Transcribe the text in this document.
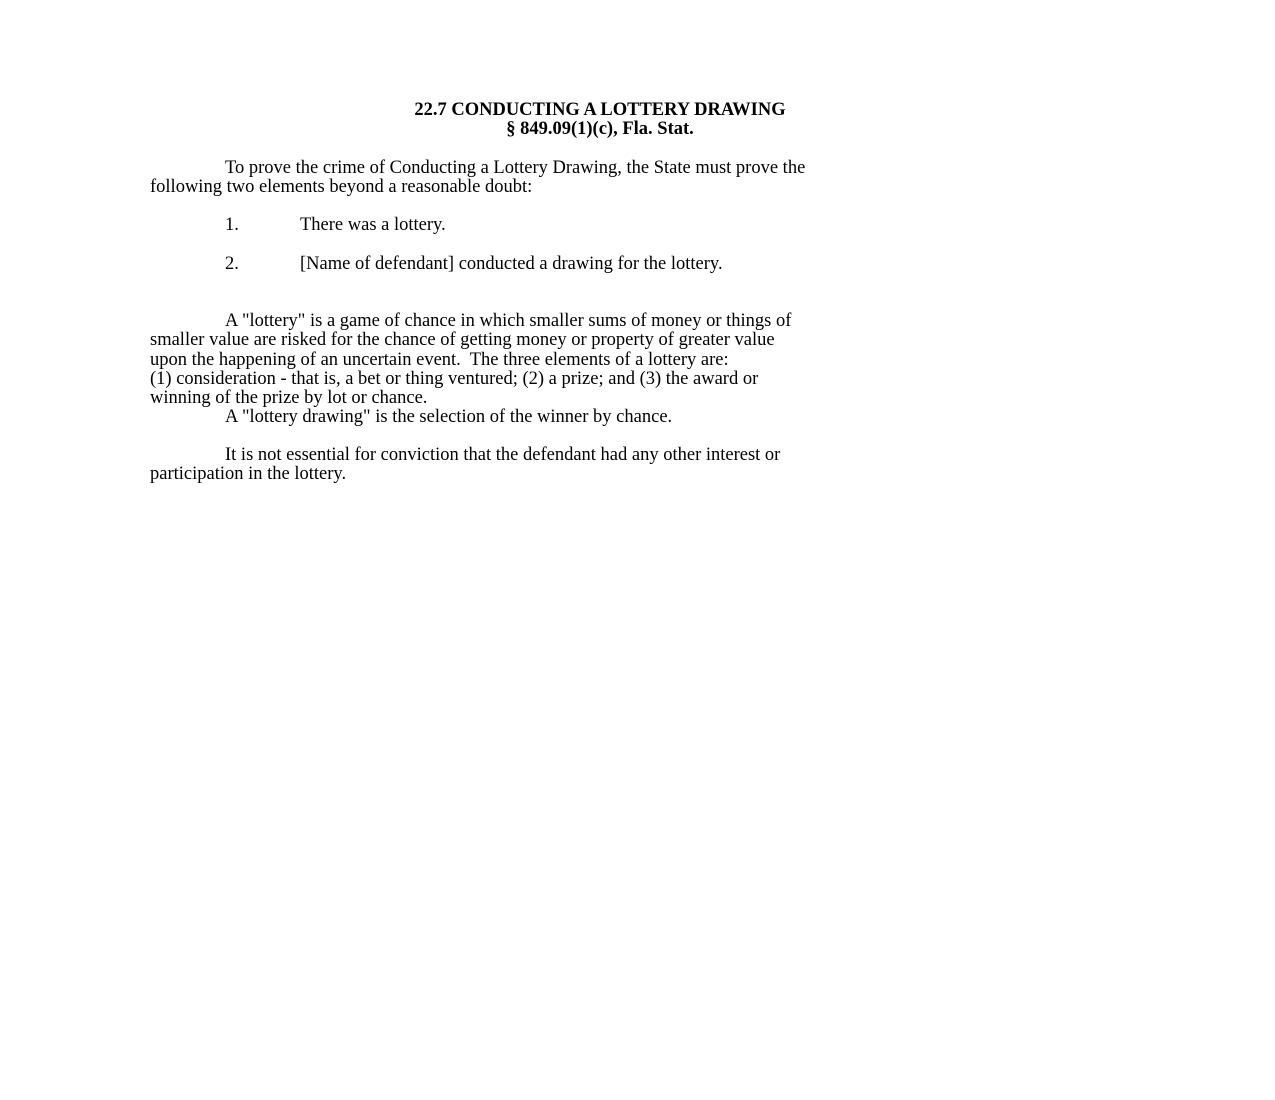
22.7 CONDUCTING A LOTTERY DRAWING
§ 849.09(1)(c), Fla. Stat.
To prove the crime of Conducting a Lottery Drawing, the State must prove the
following two elements beyond a reasonable doubt:
1.	There was a lottery.
2.	[Name of defendant] conducted a drawing for the lottery.

A "lottery" is a game of chance in which smaller sums of money or things of
smaller value are risked for the chance of getting money or property of greater value
upon the happening of an uncertain event.  The three elements of a lottery are:
(1) consideration - that is, a bet or thing ventured; (2) a prize; and (3) the award or
winning of the prize by lot or chance.
A "lottery drawing" is the selection of the winner by chance.
It is not essential for conviction that the defendant had any other interest or
participation in the lottery.
